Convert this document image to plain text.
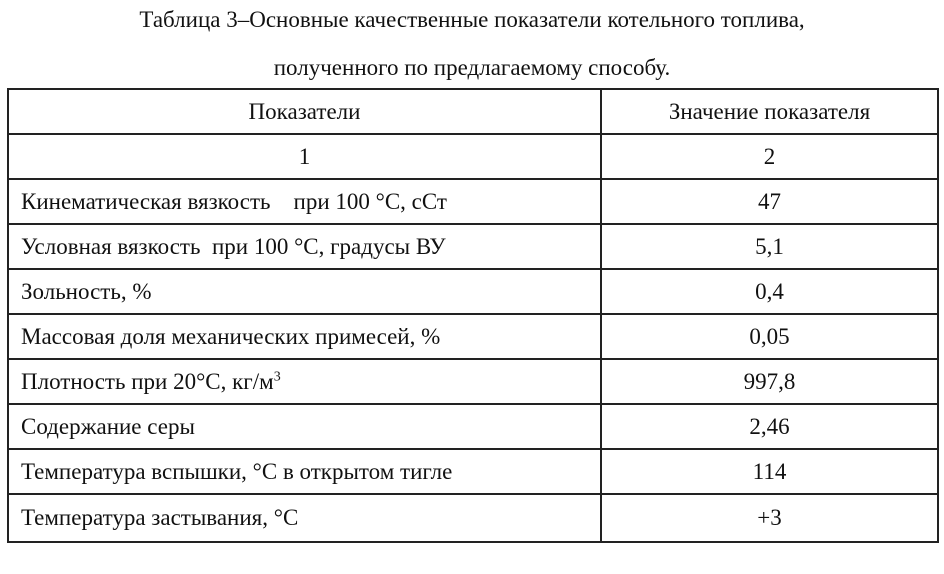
Таблица 3–Основные качественные показатели котельного топлива,
полученного по предлагаемому способу.
Показатели	Значение показателя
1	2
Кинематическая вязкость    при 100 °С, сСт	47
Условная вязкость  при 100 °С, градусы ВУ	5,1
Зольность, %	0,4
Массовая доля механических примесей, %	0,05
Плотность при 20°С, $кг/м^3$	997,8
Содержание серы	2,46
Температура вспышки, °С в открытом тигле	114
Температура застывания, °С	+3
